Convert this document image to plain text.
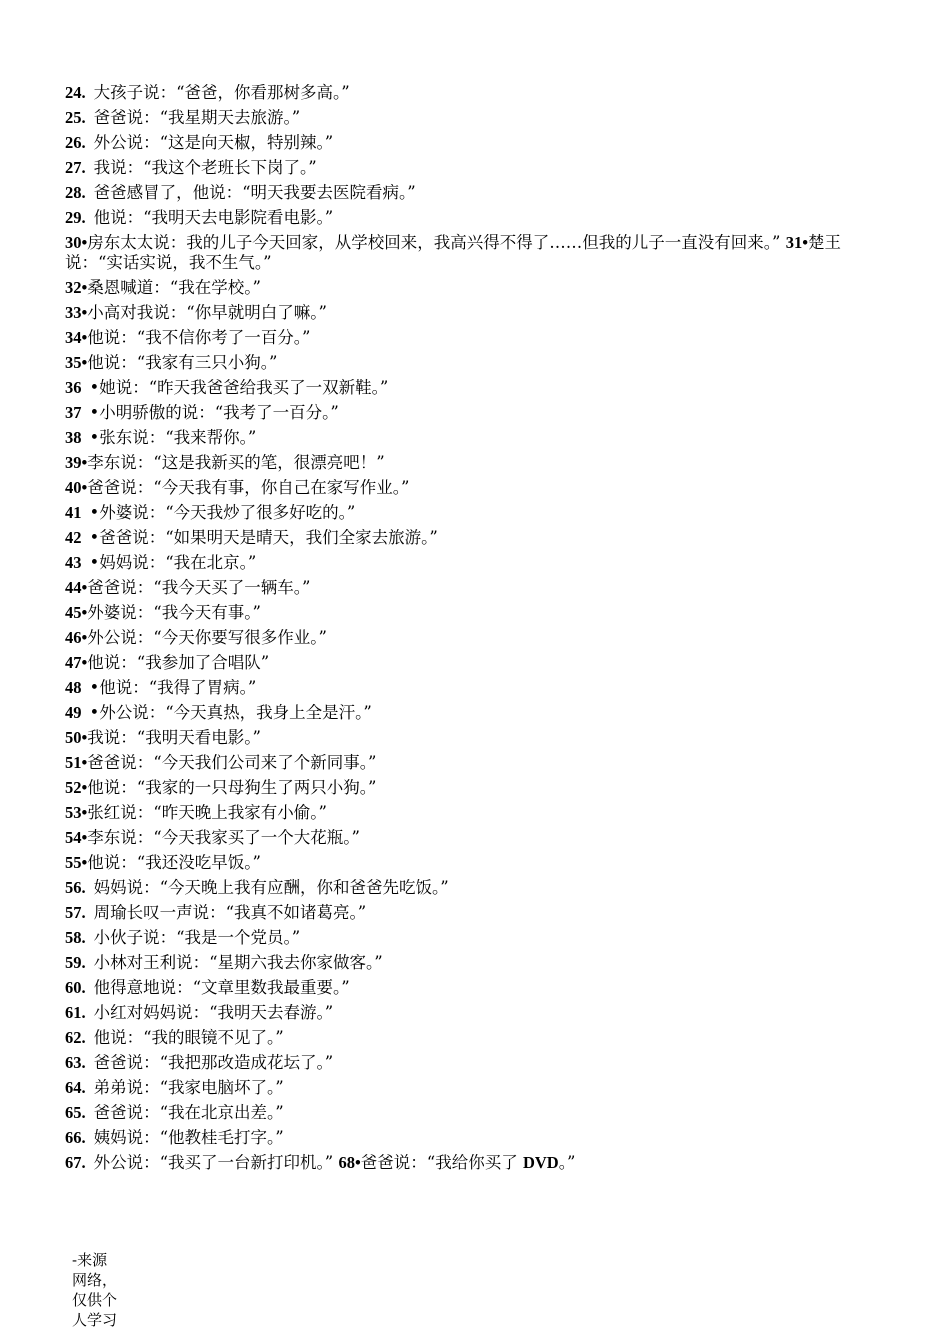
24. 大孩子说：“爸爸，你看那树多高。”

25. 爸爸说：“我星期天去旅游。”

26. 外公说：“这是向天椒，特别辣。”

27. 我说：“我这个老班长下岗了。”

28. 爸爸感冒了，他说：“明天我要去医院看病。”

29. 他说：“我明天去电影院看电影。”

30•房东太太说：我的儿子今天回家，从学校回来，我高兴得不得了……但我的儿子一直没有回来。” 31•楚王说：“实话实说，我不生气。”

32•桑恩喊道：“我在学校。”

33•小高对我说：“你早就明白了嘛。”

34•他说：“我不信你考了一百分。”

35•他说：“我家有三只小狗。”

36 •她说：“昨天我爸爸给我买了一双新鞋。”

37 •小明骄傲的说：“我考了一百分。”

38 •张东说：“我来帮你。”

39•李东说：“这是我新买的笔，很漂亮吧！”

40•爸爸说：“今天我有事，你自己在家写作业。”

41 •外婆说：“今天我炒了很多好吃的。”

42 •爸爸说：“如果明天是晴天，我们全家去旅游。”

43 •妈妈说：“我在北京。”

44•爸爸说：“我今天买了一辆车。”

45•外婆说：“我今天有事。”

46•外公说：“今天你要写很多作业。”

47•他说：“我参加了合唱队”

48 •他说：“我得了胃病。”

49 •外公说：“今天真热，我身上全是汗。”

50•我说：“我明天看电影。”

51•爸爸说：“今天我们公司来了个新同事。”

52•他说：“我家的一只母狗生了两只小狗。”

53•张红说：“昨天晚上我家有小偷。”

54•李东说：“今天我家买了一个大花瓶。”

55•他说：“我还没吃早饭。”

56. 妈妈说：“今天晚上我有应酬，你和爸爸先吃饭。”

57. 周瑜长叹一声说：“我真不如诸葛亮。”

58. 小伙子说：“我是一个党员。”

59. 小林对王利说：“星期六我去你家做客。”

60. 他得意地说：“文章里数我最重要。”

61. 小红对妈妈说：“我明天去春游。”

62. 他说：“我的眼镜不见了。”

63. 爸爸说：“我把那改造成花坛了。”

64. 弟弟说：“我家电脑坏了。”

65. 爸爸说：“我在北京出差。”

66. 姨妈说：“他教桂毛打字。”

67. 外公说：“我买了一台新打印机。” 68•爸爸说：“我给你买了 DVD。”

-来源网络，仅供个人学习
